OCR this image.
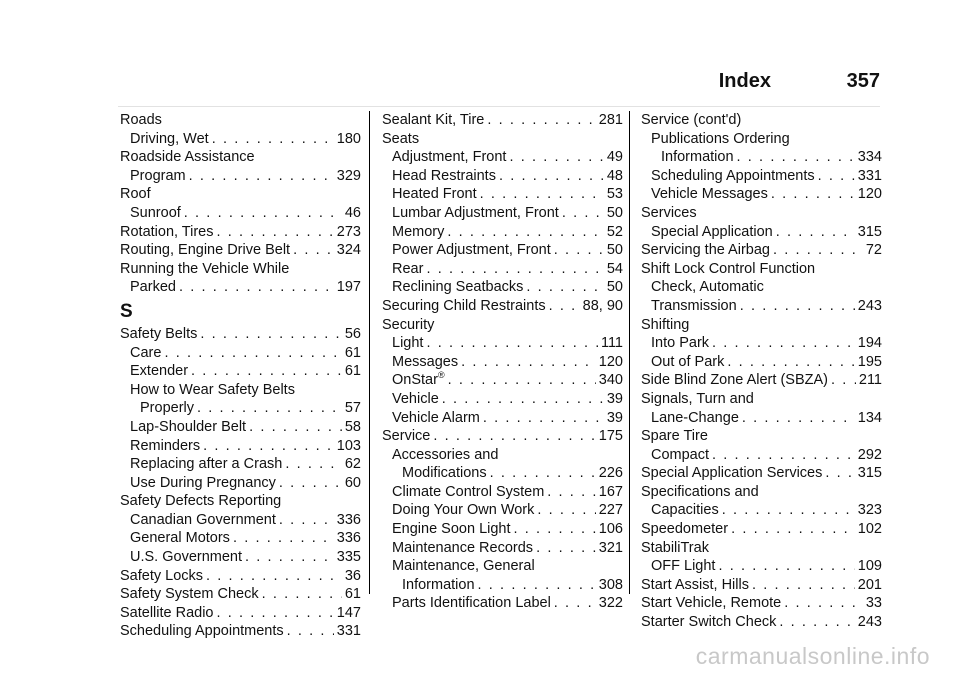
Index	357
Roads
Driving, Wet . . .	180
Roadside Assistance
Program . . .	329
Roof
Sunroof . . .	46
Rotation, Tires . . .	273
Routing, Engine Drive Belt . . .	324
Running the Vehicle While
Parked . . .	197
S
Safety Belts . . .	56
Care . . .	61
Extender . . .	61
How to Wear Safety Belts
Properly . . .	57
Lap-Shoulder Belt . . .	58
Reminders . . .	103
Replacing after a Crash . . .	62
Use During Pregnancy . . .	60
Safety Defects Reporting
Canadian Government . . .	336
General Motors . . .	336
U.S. Government . . .	335
Safety Locks . . .	36
Safety System Check . . .	61
Satellite Radio . . .	147
Scheduling Appointments . . .	331
Sealant Kit, Tire . . .	281
Seats
Adjustment, Front . . .	49
Head Restraints . . .	48
Heated Front . . .	53
Lumbar Adjustment, Front . . .	50
Memory . . .	52
Power Adjustment, Front . . .	50
Rear . . .	54
Reclining Seatbacks . . .	50
Securing Child Restraints . . .	88, 90
Security
Light . . .	111
Messages . . .	120
OnStar® . . .	340
Vehicle . . .	39
Vehicle Alarm . . .	39
Service . . .	175
Accessories and
Modifications . . .	226
Climate Control System . . .	167
Doing Your Own Work . . .	227
Engine Soon Light . . .	106
Maintenance Records . . .	321
Maintenance, General
Information . . .	308
Parts Identification Label . . .	322
Service (cont'd)
Publications Ordering
Information . . .	334
Scheduling Appointments . . .	331
Vehicle Messages . . .	120
Services
Special Application . . .	315
Servicing the Airbag . . .	72
Shift Lock Control Function
Check, Automatic
Transmission . . .	243
Shifting
Into Park . . .	194
Out of Park . . .	195
Side Blind Zone Alert (SBZA) . . . 211
Signals, Turn and
Lane-Change . . .	134
Spare Tire
Compact . . .	292
Special Application Services . . . 315
Specifications and
Capacities . . .	323
Speedometer . . .	102
StabiliTrak
OFF Light . . .	109
Start Assist, Hills . . .	201
Start Vehicle, Remote . . .	33
Starter Switch Check . . .	243
carmanualsonline.info
